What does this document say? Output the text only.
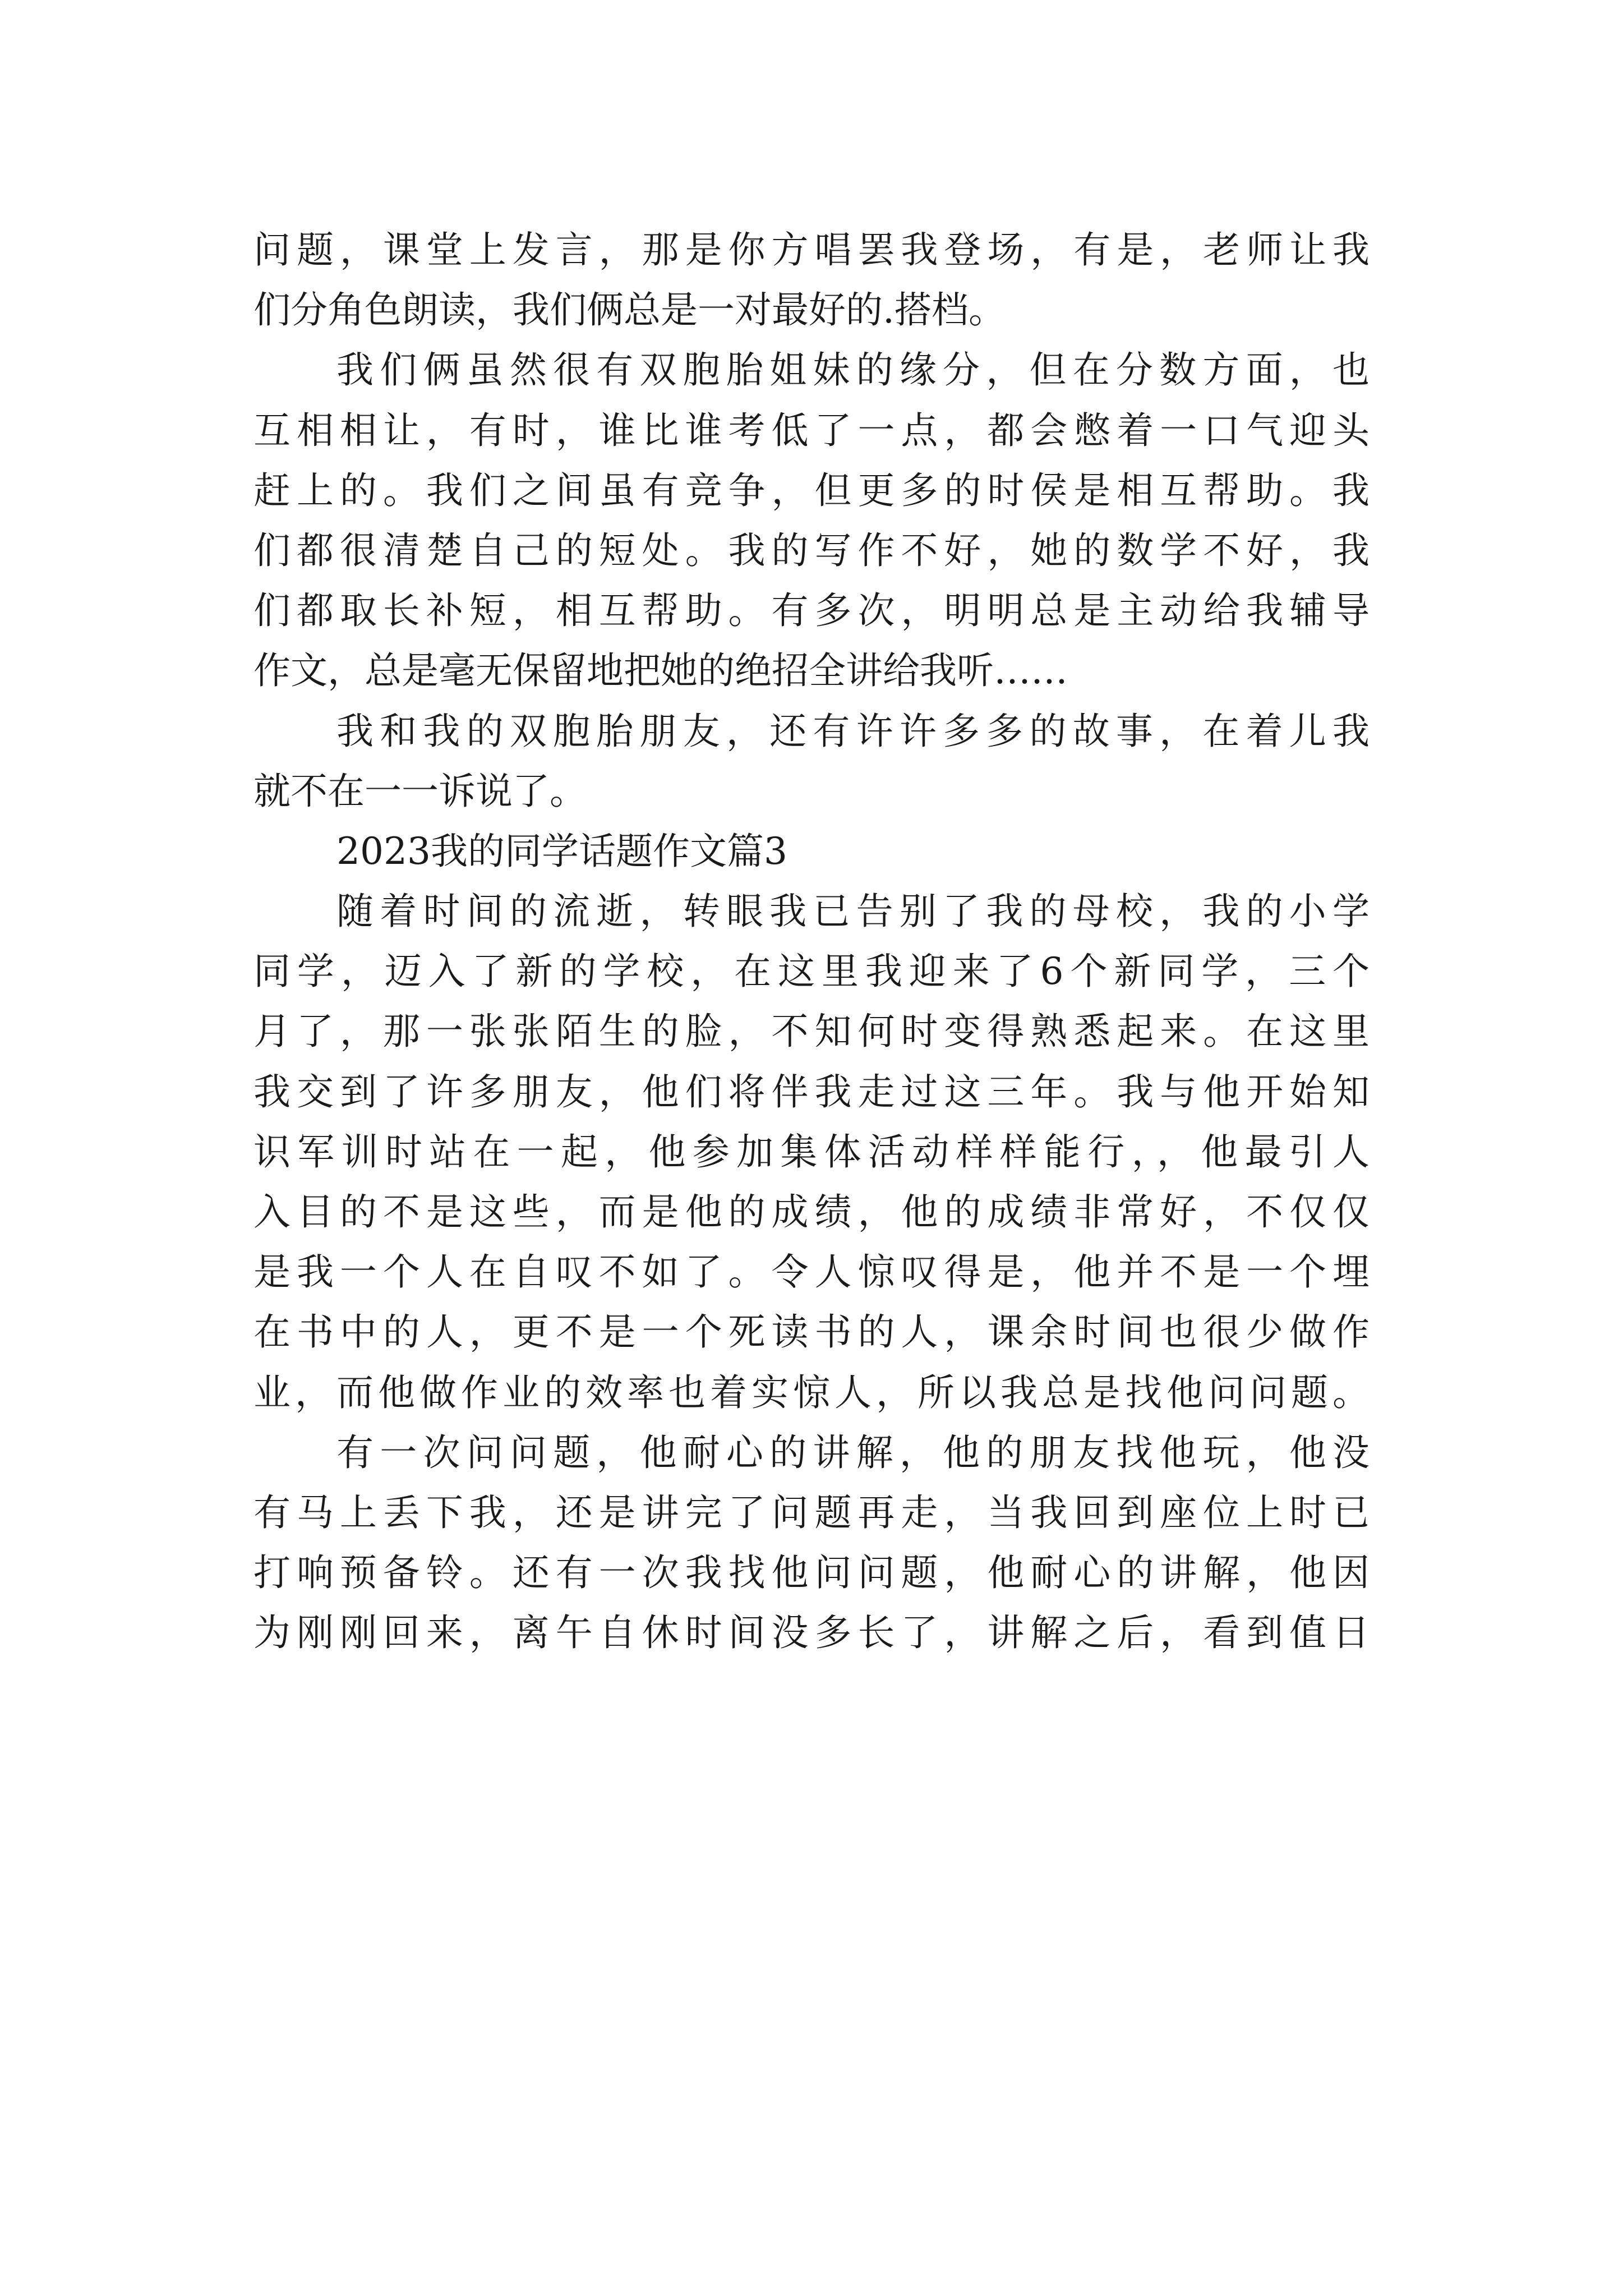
问题，课堂上发言，那是你方唱罢我登场，有是，老师让我
们分角色朗读，我们俩总是一对最好的.搭档。
我们俩虽然很有双胞胎姐妹的缘分，但在分数方面，也
互相相让，有时，谁比谁考低了一点，都会憋着一口气迎头
赶上的。我们之间虽有竞争，但更多的时侯是相互帮助。我
们都很清楚自己的短处。我的写作不好，她的数学不好，我
们都取长补短，相互帮助。有多次，明明总是主动给我辅导
作文，总是毫无保留地把她的绝招全讲给我听……
我和我的双胞胎朋友，还有许许多多的故事，在着儿我
就不在一一诉说了。
2023我的同学话题作文篇3
随着时间的流逝，转眼我已告别了我的母校，我的小学
同学，迈入了新的学校，在这里我迎来了6个新同学，三个
月了，那一张张陌生的脸，不知何时变得熟悉起来。在这里
我交到了许多朋友，他们将伴我走过这三年。我与他开始知
识军训时站在一起，他参加集体活动样样能行，，他最引人
入目的不是这些，而是他的成绩，他的成绩非常好，不仅仅
是我一个人在自叹不如了。令人惊叹得是，他并不是一个埋
在书中的人，更不是一个死读书的人，课余时间也很少做作
业，而他做作业的效率也着实惊人，所以我总是找他问问题。
有一次问问题，他耐心的讲解，他的朋友找他玩，他没
有马上丢下我，还是讲完了问题再走，当我回到座位上时已
打响预备铃。还有一次我找他问问题，他耐心的讲解，他因
为刚刚回来，离午自休时间没多长了，讲解之后，看到值日
